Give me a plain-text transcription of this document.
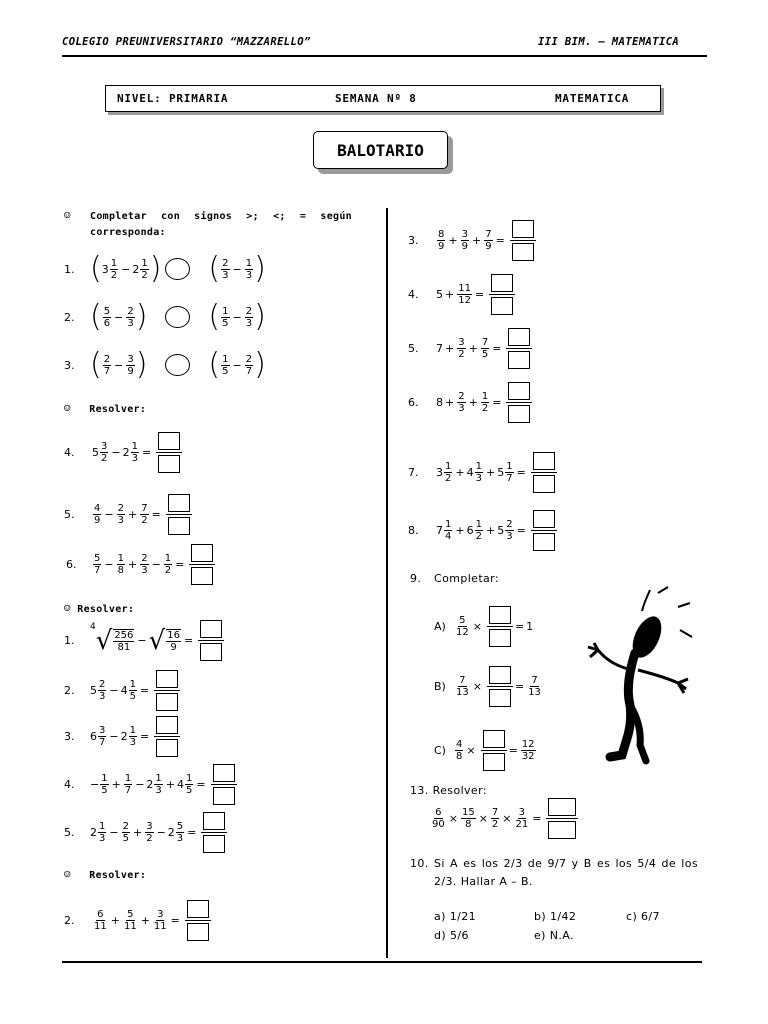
COLEGIO PREUNIVERSITARIO “MAZZARELLO”	III BIM. – MATEMATICA
NIVEL: PRIMARIA	SEMANA Nº 8	MATEMATICA
BALOTARIO
☺ Completar con signos >; <; = según corresponda:
1. ( 3 1
2 − 2 1
2 ) ( 2
$3 - \frac{1}{3}$ )
2. ( 5
$6 - \frac{2}{3}$ ) ( 1
$5 - \frac{2}{3}$ )
3. ( 2
$7 - \frac{3}{9}$ ) ( 1
$5 - \frac{2}{7}$ )
☺ Resolver:
4.	5 3
$2 - 2 \frac{1}{3}$ =
5.	4
$9 - \frac{2}{3} + \frac{7}{2}$ =
6.	5
$7 - \frac{1}{8} + \frac{2}{3} - \frac{1}{2}$ =
☺ Resolver:
1.
4 √ 256
81 − √ $\frac{16}{9}$ =
2.	5 2
$3 - 4 \frac{1}{5}$ =
3.	6 3
$7 - 2 \frac{1}{3}$ =
4.	− $\frac{1}{5} + \frac{1}{7} - 2$ 1
$3 + 4 \frac{1}{5}$ =
5.	2 1
$3 - \frac{2}{5} + \frac{3}{2} - 2 \frac{5}{3}$ =
☺ Resolver:
2.	6
$11 + \frac{5}{11} + \frac{3}{11}$ =
3.	8
$9 + \frac{3}{9} + \frac{7}{9}$ =
4.	$5 + \frac{11}{12}$ =
5.	$7 + \frac{3}{2} + \frac{7}{5}$ =
6.	$8 + \frac{2}{3} + \frac{1}{2}$ =
7.	3 1
2 + 4 1
$3 + 5 \frac{1}{7}$ =
8.	7 1
4 + 6 1
$2 + 5 \frac{2}{3}$ =
9. Completar:
$A) \frac{5}{12}$ ×	= 1
$B) \frac{7}{13}$ ×	= $\frac{7}{13}$
$C) \frac{4}{8}$ ×	= $\frac{12}{32}$
13. Resolver:
$\frac{6}{90} \times \frac{15}{8} \times \frac{7}{2} \times \frac{3}{21}$ =
10. Si A es los 2/3 de 9/7 y B es los 5/4 de los 2/3. Hallar A – B.
a) 1/21	b) 1/42	c) 6/7
d) 5/6	e) N.A.
